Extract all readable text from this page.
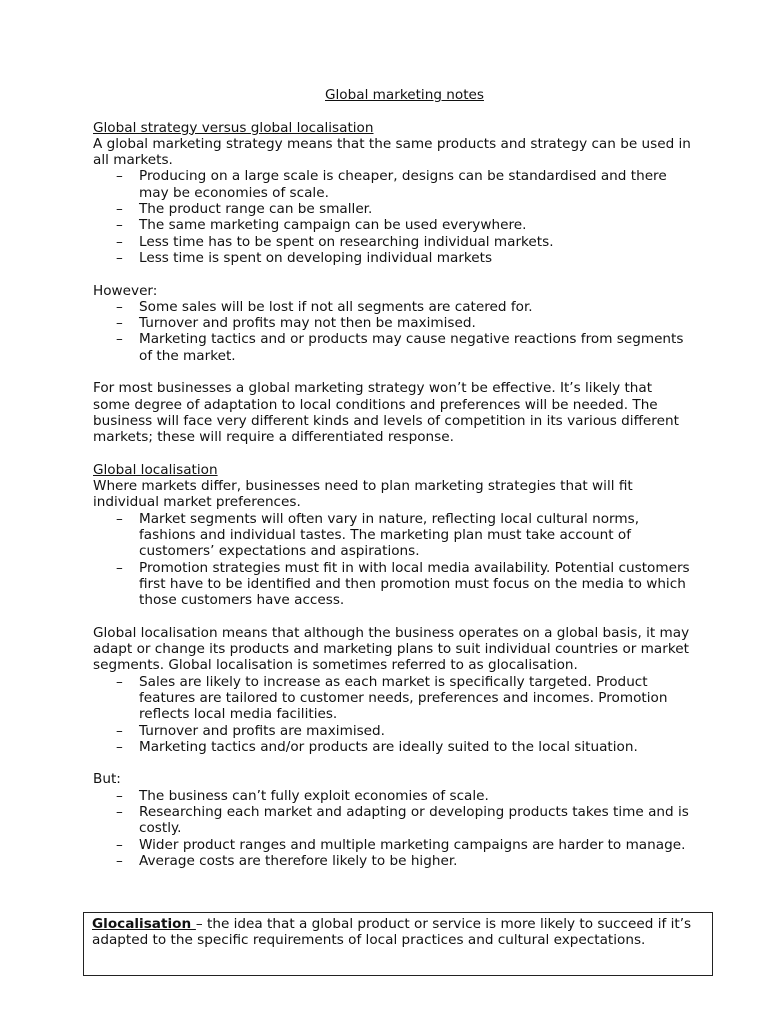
Global marketing notes

Global strategy versus global localisation

A global marketing strategy means that the same products and strategy can be used in all markets.

– Producing on a large scale is cheaper, designs can be standardised and there may be economies of scale.
– The product range can be smaller.
– The same marketing campaign can be used everywhere.
– Less time has to be spent on researching individual markets.
– Less time is spent on developing individual markets

However:

– Some sales will be lost if not all segments are catered for.
– Turnover and profits may not then be maximised.
– Marketing tactics and or products may cause negative reactions from segments of the market.

For most businesses a global marketing strategy won’t be effective. It’s likely that some degree of adaptation to local conditions and preferences will be needed. The business will face very different kinds and levels of competition in its various different markets; these will require a differentiated response.

Global localisation

Where markets differ, businesses need to plan marketing strategies that will fit individual market preferences.

– Market segments will often vary in nature, reflecting local cultural norms, fashions and individual tastes. The marketing plan must take account of customers’ expectations and aspirations.
– Promotion strategies must fit in with local media availability. Potential customers first have to be identified and then promotion must focus on the media to which those customers have access.

Global localisation means that although the business operates on a global basis, it may adapt or change its products and marketing plans to suit individual countries or market segments. Global localisation is sometimes referred to as glocalisation.

– Sales are likely to increase as each market is specifically targeted. Product features are tailored to customer needs, preferences and incomes. Promotion reflects local media facilities.
– Turnover and profits are maximised.
– Marketing tactics and/or products are ideally suited to the local situation.

But:

– The business can’t fully exploit economies of scale.
– Researching each market and adapting or developing products takes time and is costly.
– Wider product ranges and multiple marketing campaigns are harder to manage.
– Average costs are therefore likely to be higher.
Glocalisation – the idea that a global product or service is more likely to succeed if it’s adapted to the specific requirements of local practices and cultural expectations.
